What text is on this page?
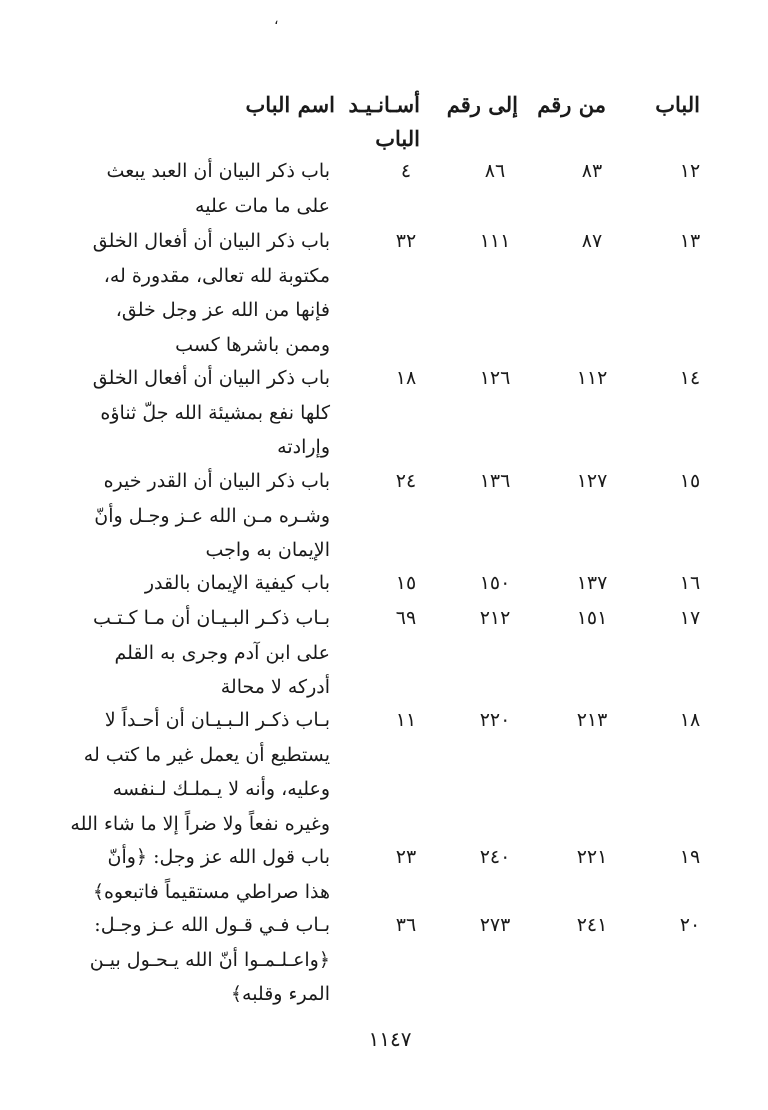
،
الباب
من رقم
إلى رقم
أسـانـيـد
الباب
اسم الباب
١٢
٨٣
٨٦
٤
باب ذكر البيان أن العبد يبعث
على ما مات عليه
١٣
٨٧
١١١
٣٢
باب ذكر البيان أن أفعال الخلق
مكتوبة لله تعالى، مقدورة له،
فإنها من الله عز وجل خلق،
وممن باشرها كسب
١٤
١١٢
١٢٦
١٨
باب ذكر البيان أن أفعال الخلق
كلها نفع بمشيئة الله جلّ ثناؤه
وإرادته
١٥
١٢٧
١٣٦
٢٤
باب ذكر البيان أن القدر خيره
وشـره مـن الله عـز وجـل وأنّ
الإيمان به واجب
١٦
١٣٧
١٥٠
١٥
باب كيفية الإيمان بالقدر
١٧
١٥١
٢١٢
٦٩
بـاب ذكـر البـيـان أن مـا كـتـب
على ابن آدم وجرى به القلم
أدركه لا محالة
١٨
٢١٣
٢٢٠
١١
بـاب ذكـر الـبـيـان أن أحـداً لا
يستطيع أن يعمل غير ما كتب له
وعليه، وأنه لا يـملـك لـنفسه
وغيره نفعاً ولا ضراً إلا ما شاء الله
١٩
٢٢١
٢٤٠
٢٣
باب قول الله عز وجل: ﴿وأنّ
هذا صراطي مستقيماً فاتبعوه﴾
٢٠
٢٤١
٢٧٣
٣٦
بـاب فـي قـول الله عـز وجـل:
﴿واعـلـمـوا أنّ الله يـحـول بيـن
المرء وقلبه﴾
١١٤٧
